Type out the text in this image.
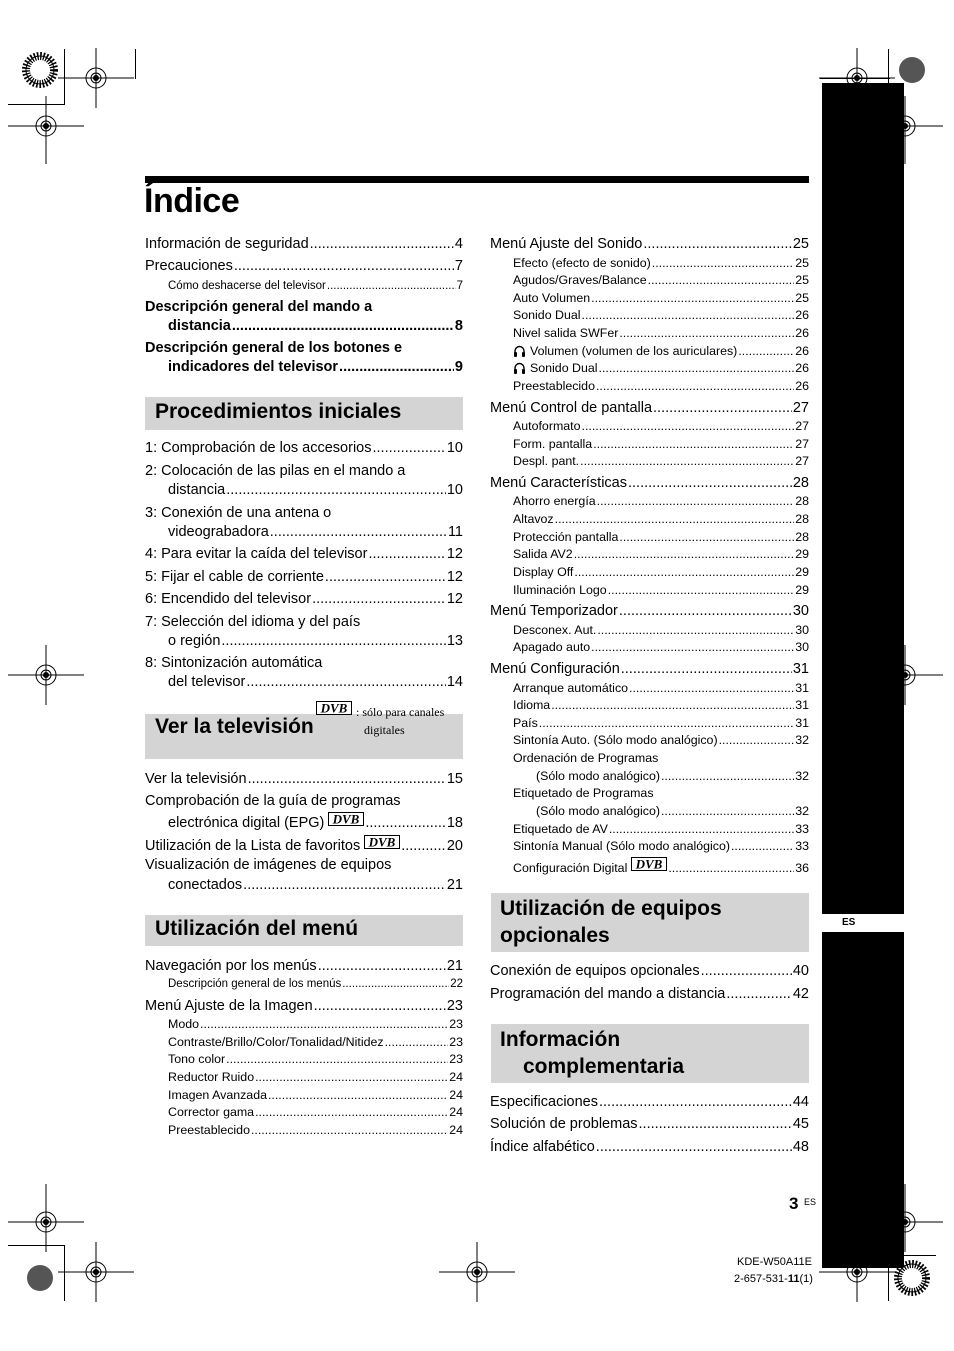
ES
Índice
Información de seguridad .....	4
Precauciones .....	7
Cómo deshacerse del televisor .....	7
Descripción general del mando a
distancia .....	8
Descripción general de los botones e
indicadores del televisor .....	9
Procedimientos iniciales
1: Comprobación de los accesorios .....	10
2: Colocación de las pilas en el mando a
distancia .....	10
3: Conexión de una antena o
videograbadora .....	11
4: Para evitar la caída del televisor .....	12
5: Fijar el cable de corriente .....	12
6: Encendido del televisor .....	12
7: Selección del idioma y del país
o región .....	13
8: Sintonización automática
del televisor .....	14
Ver la televisión
DVB : sólo para canales
digitales
Ver la televisión .....	15
Comprobación de la guía de programas
electrónica digital (EPG) DVB .....	18
Utilización de la Lista de favoritos DVB .....	20
Visualización de imágenes de equipos
conectados .....	21
Utilización del menú
Navegación por los menús .....	21
Descripción general de los menús .....	22
Menú Ajuste de la Imagen .....	23
Modo .....	23
Contraste/Brillo/Color/Tonalidad/Nitidez .....	23
Tono color .....	23
Reductor Ruido .....	24
Imagen Avanzada .....	24
Corrector gama .....	24
Preestablecido .....	24
Menú Ajuste del Sonido .....	25
Efecto (efecto de sonido) .....	25
Agudos/Graves/Balance .....	25
Auto Volumen .....	25
Sonido Dual .....	26
Nivel salida SWFer .....	26
Volumen (volumen de los auriculares) .....	26
Sonido Dual .....	26
Preestablecido .....	26
Menú Control de pantalla .....	27
Autoformato .....	27
Form. pantalla .....	27
Despl. pant. .....	27
Menú Características .....	28
Ahorro energía .....	28
Altavoz .....	28
Protección pantalla .....	28
Salida AV2 .....	29
Display Off .....	29
Iluminación Logo .....	29
Menú Temporizador .....	30
Desconex. Aut. .....	30
Apagado auto .....	30
Menú Configuración .....	31
Arranque automático .....	31
Idioma .....	31
País .....	31
Sintonía Auto. (Sólo modo analógico) .....	32
Ordenación de Programas
(Sólo modo analógico) .....	32
Etiquetado de Programas
(Sólo modo analógico) .....	32
Etiquetado de AV .....	33
Sintonía Manual (Sólo modo analógico) .....	33
Configuración Digital DVB .....	36
Utilización de equipos
opcionales
Conexión de equipos opcionales .....	40
Programación del mando a distancia .....	42
Información
complementaria
Especificaciones .....	44
Solución de problemas .....	45
Índice alfabético .....	48
3 ES
KDE-W50A11E
2-657-531-11(1)
